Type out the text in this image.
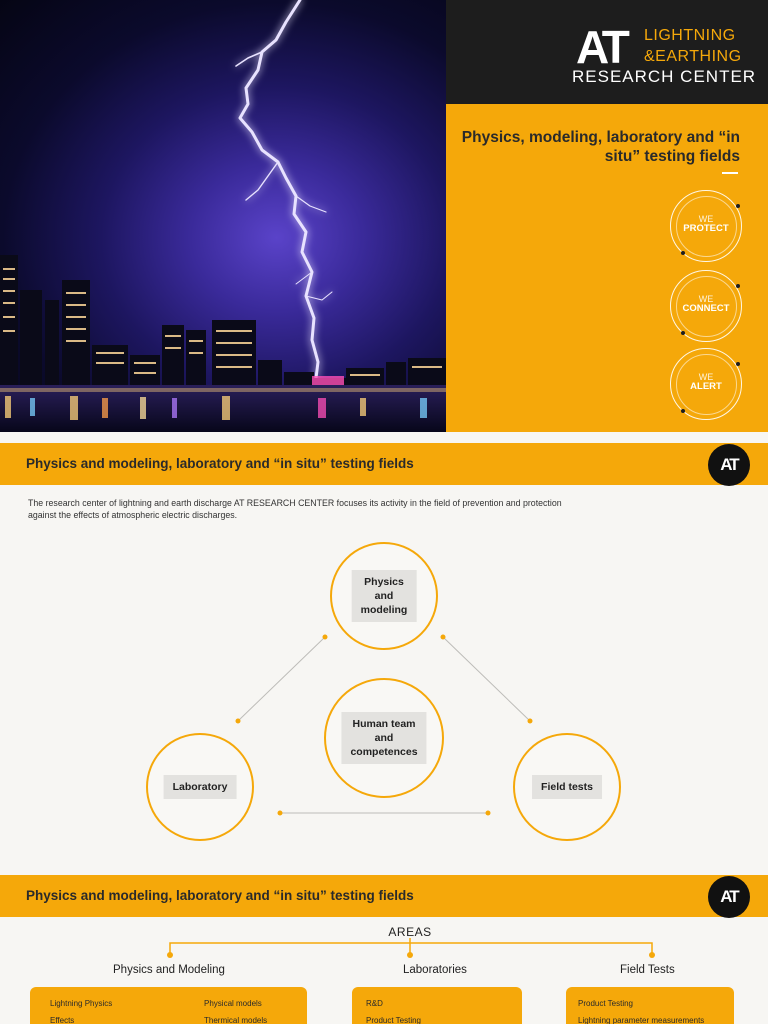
AT LIGHTNING
&EARTHING
RESEARCH CENTER
Physics, modeling, laboratory and “in situ” testing fields
WE
PROTECT
WE
CONNECT
WE
ALERT
Physics and modeling, laboratory and “in situ” testing fields	AT
The research center of lightning and earth discharge AT RESEARCH CENTER focuses its activity in the field of prevention and protection against the effects of atmospheric electric discharges.
Physics and
modeling
Human team
and competences
Laboratory	Field tests
Physics and modeling, laboratory and “in situ” testing fields	AT
AREAS
Physics and Modeling	Laboratories	Field Tests
Lightning Physics	Physical models
Effects	Thermical models
R&D
Product Testing
Product Testing
Lightning parameter measurements
